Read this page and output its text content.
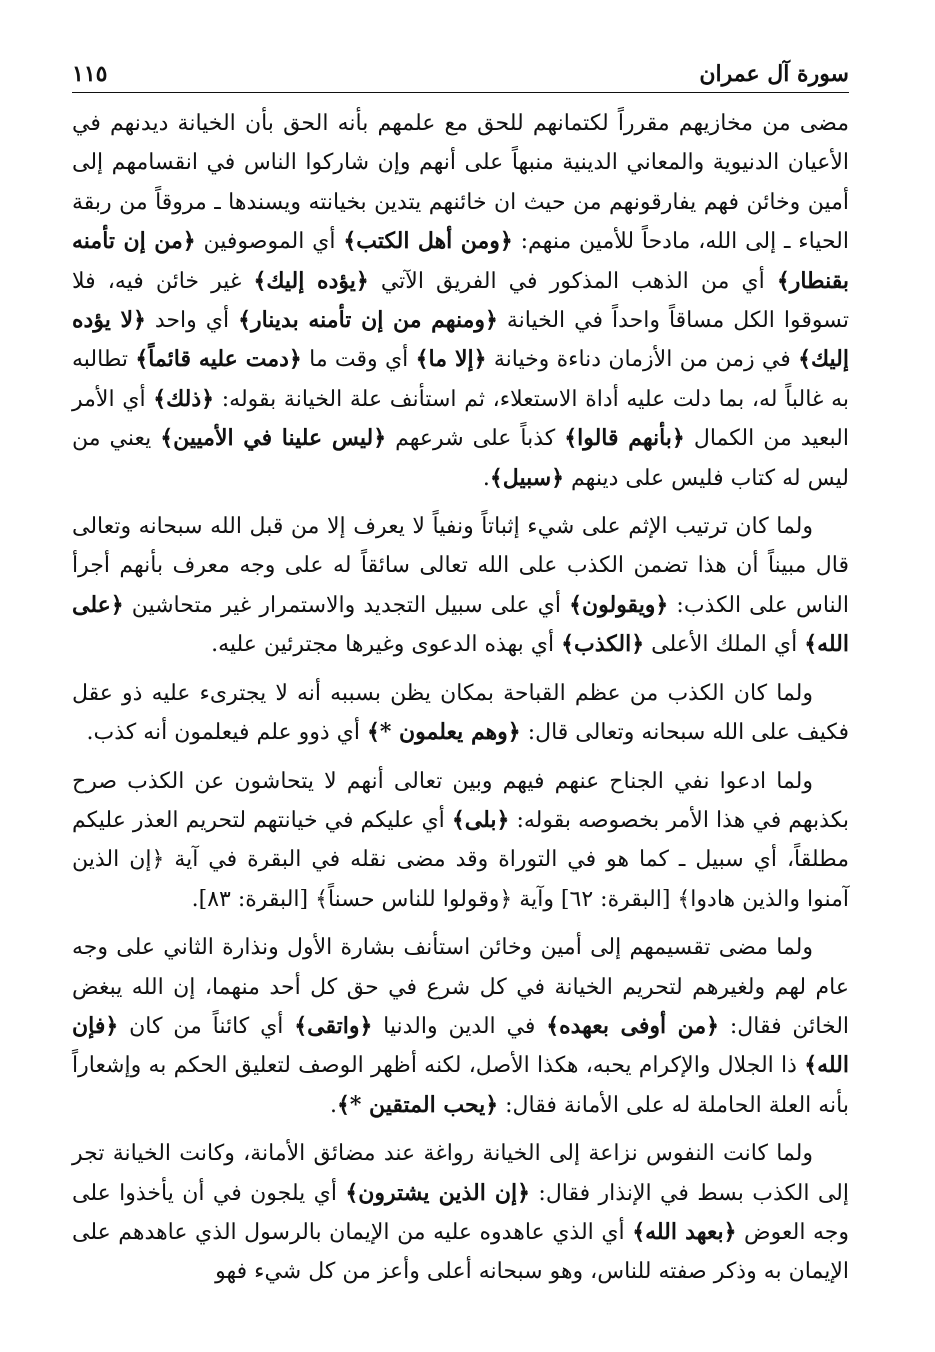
١١٥	سورة آل عمران

مضى من مخازيهم مقرراً لكتمانهم للحق مع علمهم بأنه الحق بأن الخيانة ديدنهم في الأعيان الدنيوية والمعاني الدينية منبهاً على أنهم وإن شاركوا الناس في انقسامهم إلى أمين وخائن فهم يفارقونهم من حيث ان خائنهم يتدين بخيانته ويسندها ـ مروقاً من ربقة الحياء ـ إلى الله، مادحاً للأمين منهم: ﴿ومن أهل الكتب﴾ أي الموصوفين ﴿من إن تأمنه بقنطار﴾ أي من الذهب المذكور في الفريق الآتي ﴿يؤده إليك﴾ غير خائن فيه، فلا تسوقوا الكل مساقاً واحداً في الخيانة ﴿ومنهم من إن تأمنه بدينار﴾ أي واحد ﴿لا يؤده إليك﴾ في زمن من الأزمان دناءة وخيانة ﴿إلا ما﴾ أي وقت ما ﴿دمت عليه قائماً﴾ تطالبه به غالباً له، بما دلت عليه أداة الاستعلاء، ثم استأنف علة الخيانة بقوله: ﴿ذلك﴾ أي الأمر البعيد من الكمال ﴿بأنهم قالوا﴾ كذباً على شرعهم ﴿ليس علينا في الأميين﴾ يعني من ليس له كتاب فليس على دينهم ﴿سبيل﴾.

ولما كان ترتيب الإثم على شيء إثباتاً ونفياً لا يعرف إلا من قبل الله سبحانه وتعالى قال مبيناً أن هذا تضمن الكذب على الله تعالى سائقاً له على وجه معرف بأنهم أجرأ الناس على الكذب: ﴿ويقولون﴾ أي على سبيل التجديد والاستمرار غير متحاشين ﴿على الله﴾ أي الملك الأعلى ﴿الكذب﴾ أي بهذه الدعوى وغيرها مجترئين عليه.

ولما كان الكذب من عظم القباحة بمكان يظن بسببه أنه لا يجترىء عليه ذو عقل فكيف على الله سبحانه وتعالى قال: ﴿وهم يعلمون *﴾ أي ذوو علم فيعلمون أنه كذب.

ولما ادعوا نفي الجناح عنهم فيهم وبين تعالى أنهم لا يتحاشون عن الكذب صرح بكذبهم في هذا الأمر بخصوصه بقوله: ﴿بلى﴾ أي عليكم في خيانتهم لتحريم العذر عليكم مطلقاً، أي سبيل ـ كما هو في التوراة وقد مضى نقله في البقرة في آية ﴿إن الذين آمنوا والذين هادوا﴾ [البقرة: ٦٢] وآية ﴿وقولوا للناس حسناً﴾ [البقرة: ٨٣].

ولما مضى تقسيمهم إلى أمين وخائن استأنف بشارة الأول ونذارة الثاني على وجه عام لهم ولغيرهم لتحريم الخيانة في كل شرع في حق كل أحد منهما، إن الله يبغض الخائن فقال: ﴿من أوفى بعهده﴾ في الدين والدنيا ﴿واتقى﴾ أي كائناً من كان ﴿فإن الله﴾ ذا الجلال والإكرام يحبه، هكذا الأصل، لكنه أظهر الوصف لتعليق الحكم به وإشعاراً بأنه العلة الحاملة له على الأمانة فقال: ﴿يحب المتقين *﴾.

ولما كانت النفوس نزاعة إلى الخيانة رواغة عند مضائق الأمانة، وكانت الخيانة تجر إلى الكذب بسط في الإنذار فقال: ﴿إن الذين يشترون﴾ أي يلجون في أن يأخذوا على وجه العوض ﴿بعهد الله﴾ أي الذي عاهدوه عليه من الإيمان بالرسول الذي عاهدهم على الإيمان به وذكر صفته للناس، وهو سبحانه أعلى وأعز من كل شيء فهو
